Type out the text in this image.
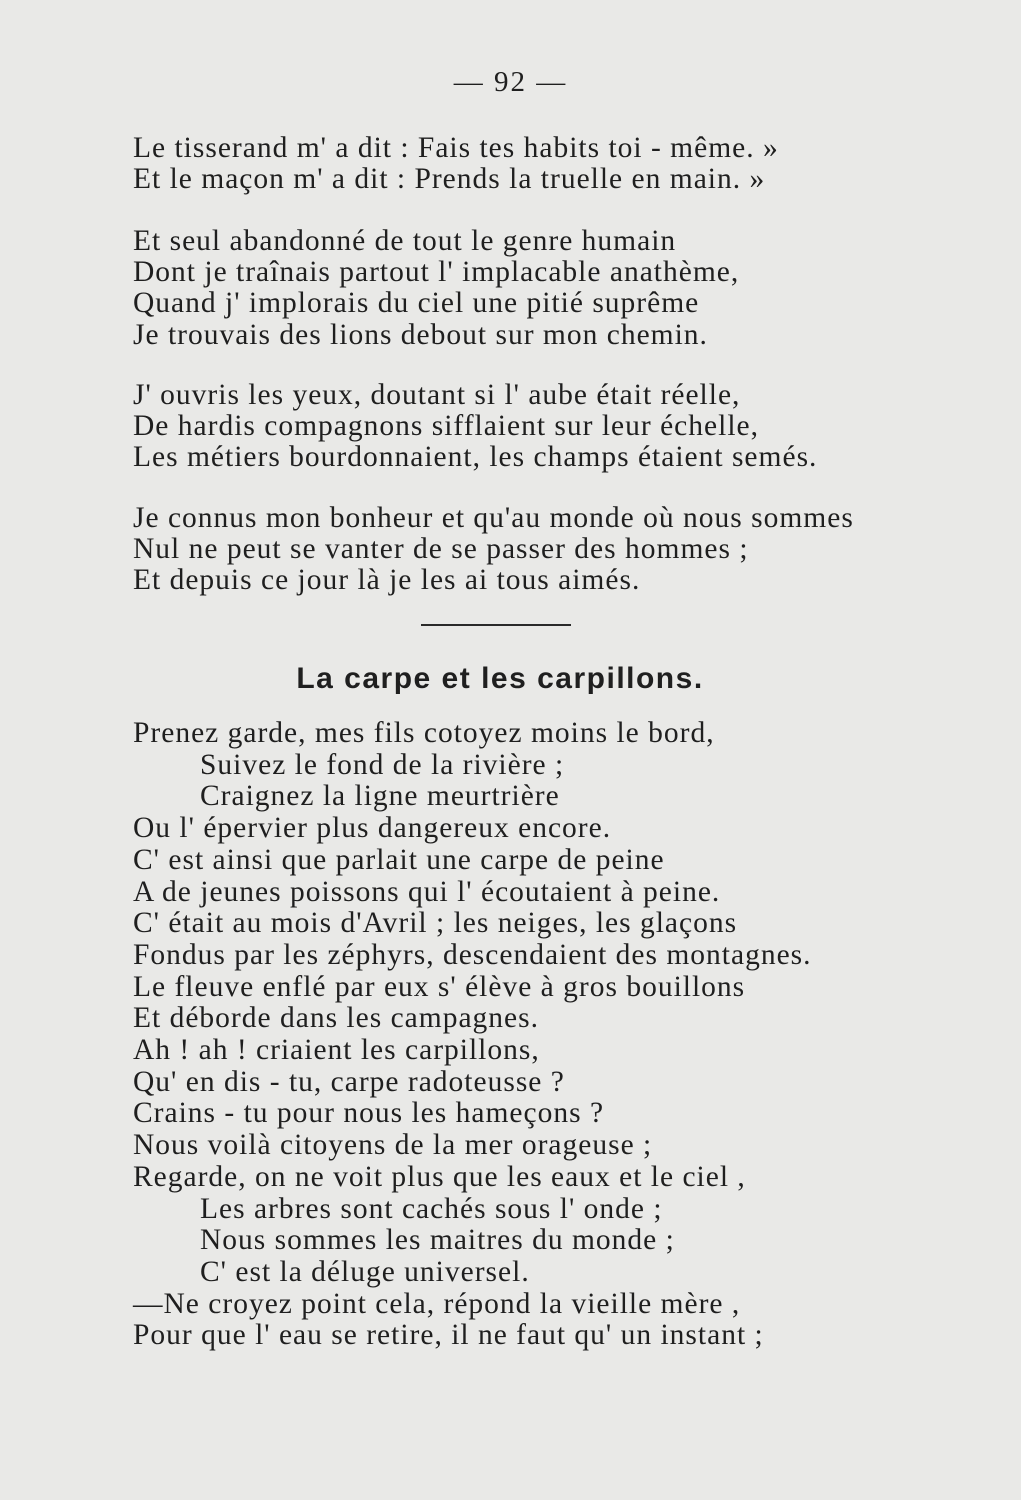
— 92 —
Le tisserand m' a dit : Fais tes habits toi - même. »
Et le maçon m' a dit : Prends la truelle en main. »
Et seul abandonné de tout le genre humain
Dont je traînais partout l' implacable anathème,
Quand j' implorais du ciel une pitié suprême
Je trouvais des lions debout sur mon chemin.
J' ouvris les yeux, doutant si l' aube était réelle,
De hardis compagnons sifflaient sur leur échelle,
Les métiers bourdonnaient, les champs étaient semés.
Je connus mon bonheur et qu'au monde où nous sommes
Nul ne peut se vanter de se passer des hommes ;
Et depuis ce jour là je les ai tous aimés.
La carpe et les carpillons.
Prenez garde, mes fils cotoyez moins le bord,
Suivez le fond de la rivière ;
Craignez la ligne meurtrière
Ou l' épervier plus dangereux encore.
C' est ainsi que parlait une carpe de peine
A de jeunes poissons qui l' écoutaient à peine.
C' était au mois d'Avril ; les neiges, les glaçons
Fondus par les zéphyrs, descendaient des montagnes.
Le fleuve enflé par eux s' élève à gros bouillons
Et déborde dans les campagnes.
Ah ! ah ! criaient les carpillons,
Qu' en dis - tu, carpe radoteusse ?
Crains - tu pour nous les hameçons ?
Nous voilà citoyens de la mer orageuse ;
Regarde, on ne voit plus que les eaux et le ciel ,
Les arbres sont cachés sous l' onde ;
Nous sommes les maitres du monde ;
C' est la déluge universel.
—Ne croyez point cela, répond la vieille mère ,
Pour que l' eau se retire, il ne faut qu' un instant ;
